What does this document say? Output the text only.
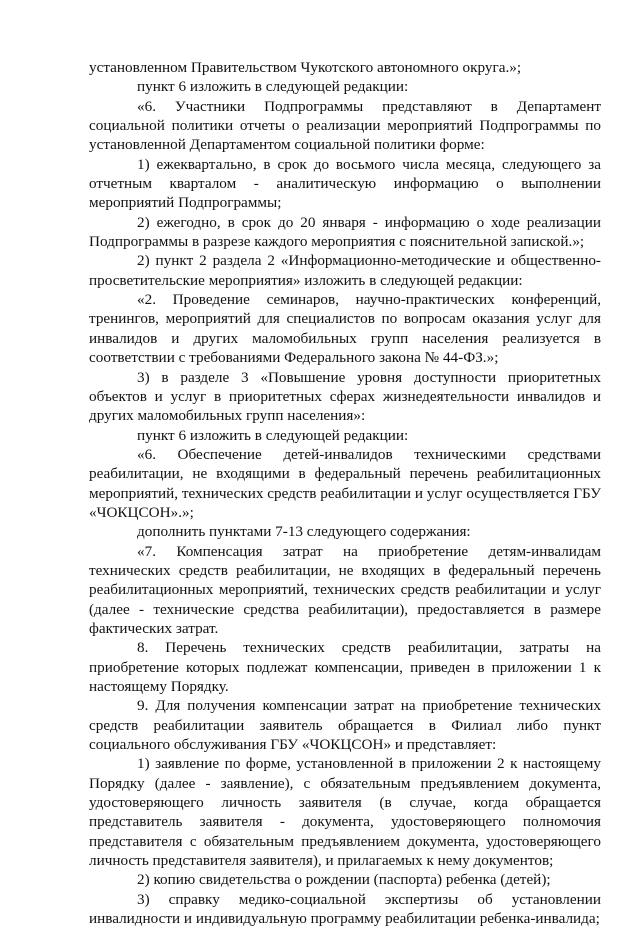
установленном Правительством Чукотского автономного округа.»;

пункт 6 изложить в следующей редакции:

«6. Участники Подпрограммы представляют в Департамент социальной политики отчеты о реализации мероприятий Подпрограммы по установленной Департаментом социальной политики форме:

1) ежеквартально, в срок до восьмого числа месяца, следующего за отчетным кварталом - аналитическую информацию о выполнении мероприятий Подпрограммы;

2) ежегодно, в срок до 20 января - информацию о ходе реализации Подпрограммы в разрезе каждого мероприятия с пояснительной запиской.»;

2) пункт 2 раздела 2 «Информационно-методические и общественно-просветительские мероприятия» изложить в следующей редакции:

«2. Проведение семинаров, научно-практических конференций, тренингов, мероприятий для специалистов по вопросам оказания услуг для инвалидов и других маломобильных групп населения реализуется в соответствии с требованиями Федерального закона № 44-ФЗ.»;

3) в разделе 3 «Повышение уровня доступности приоритетных объектов и услуг в приоритетных сферах жизнедеятельности инвалидов и других маломобильных групп населения»:

пункт 6 изложить в следующей редакции:

«6. Обеспечение детей-инвалидов техническими средствами реабилитации, не входящими в федеральный перечень реабилитационных мероприятий, технических средств реабилитации и услуг осуществляется ГБУ «ЧОКЦСОН».»;

дополнить пунктами 7-13 следующего содержания:

«7. Компенсация затрат на приобретение детям-инвалидам технических средств реабилитации, не входящих в федеральный перечень реабилитационных мероприятий, технических средств реабилитации и услуг (далее - технические средства реабилитации), предоставляется в размере фактических затрат.

8. Перечень технических средств реабилитации, затраты на приобретение которых подлежат компенсации, приведен в приложении 1 к настоящему Порядку.

9. Для получения компенсации затрат на приобретение технических средств реабилитации заявитель обращается в Филиал либо пункт социального обслуживания ГБУ «ЧОКЦСОН» и представляет:

1) заявление по форме, установленной в приложении 2 к настоящему Порядку (далее - заявление), с обязательным предъявлением документа, удостоверяющего личность заявителя (в случае, когда обращается представитель заявителя - документа, удостоверяющего полномочия представителя с обязательным предъявлением документа, удостоверяющего личность представителя заявителя), и прилагаемых к нему документов;

2) копию свидетельства о рождении (паспорта) ребенка (детей);

3) справку медико-социальной экспертизы об установлении инвалидности и индивидуальную программу реабилитации ребенка-инвалида;
